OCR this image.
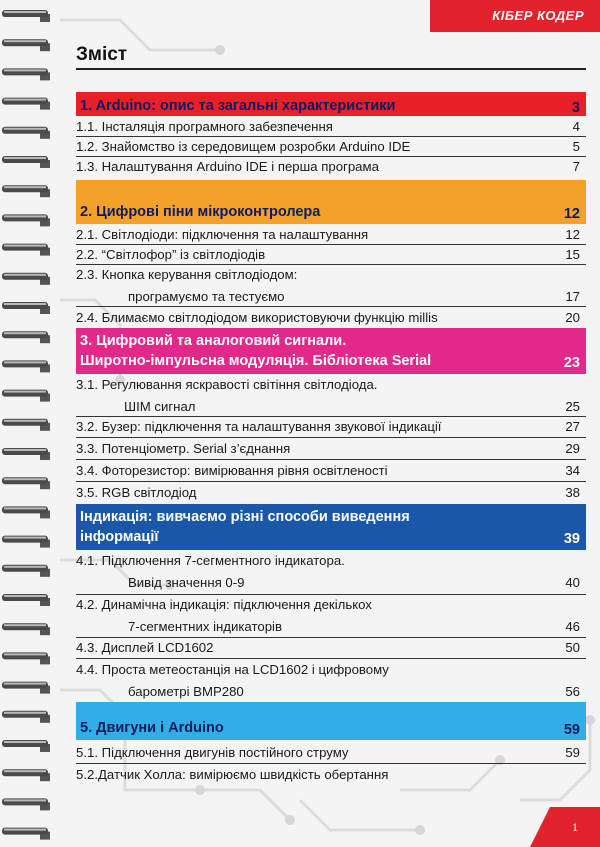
КІБЕР КОДЕР
Зміст
1. Arduino: опис та загальні характеристики	3
1.1. Інсталяція програмного забезпечення	4
1.2. Знайомство із середовищем розробки Arduino IDE	5
1.3. Налаштування Arduino IDE і перша програма	7
2. Цифрові піни мікроконтролера	12
2.1. Світлодіоди: підключення та налаштування	12
2.2. “Світлофор” із світлодіодів	15
2.3. Кнопка керування світлодіодом:
програмуємо та тестуємо	17
2.4. Блимаємо світлодіодом використовуючи функцію millis	20
3. Цифровий та аналоговий сигнали.
Широтно-імпульсна модуляція. Бібліотека Serial	23
3.1. Регулювання яскравості світіння світлодіода.
ШІМ сигнал	25
3.2. Бузер: підключення та налаштування звукової індикації	27
3.3. Потенціометр. Serial з’єднання	29
3.4. Фоторезистор: вимірювання рівня освітленості	34
3.5. RGB світлодіод	38
Індикація: вивчаємо різні способи виведення
інформації	39
4.1. Підключення 7-сегментного індикатора.
Вивід значення 0-9	40
4.2. Динамічна індикація: підключення декількох
7-сегментних індикаторів	46
4.3. Дисплей LCD1602	50
4.4. Проста метеостанція на LCD1602 і цифровому
барометрі BMP280	56
5. Двигуни і Arduino	59
5.1. Підключення двигунів постійного струму	59
5.2.Датчик Холла: вимірюємо швидкість обертання
1
